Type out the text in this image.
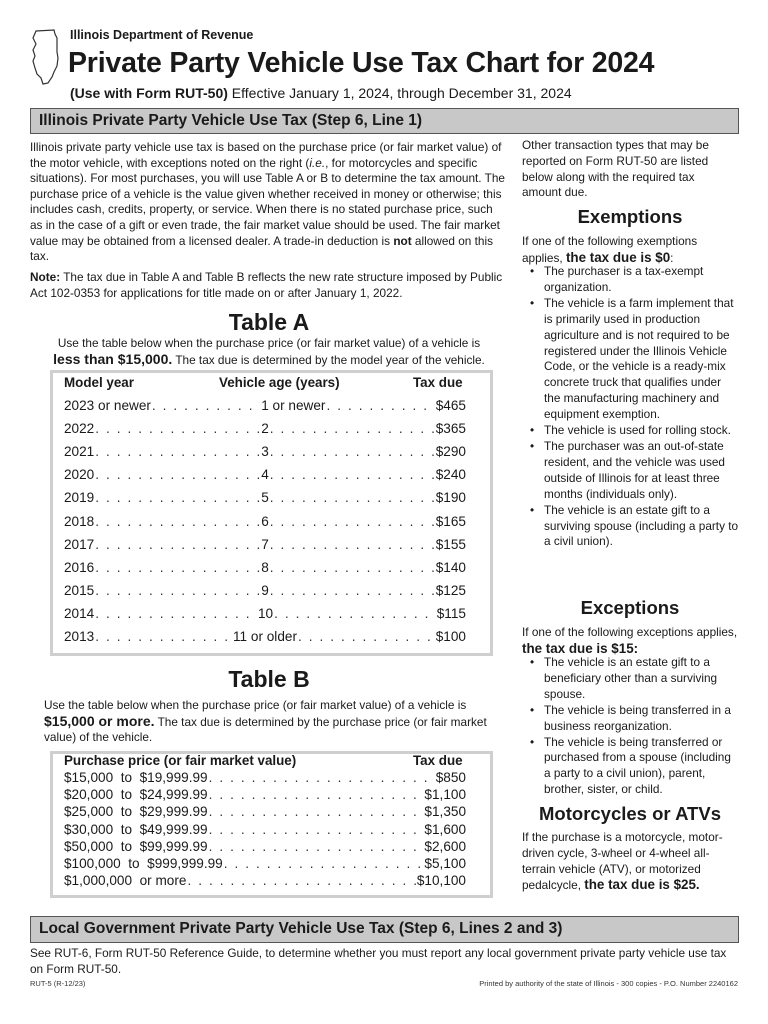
Illinois Department of Revenue
Private Party Vehicle Use Tax Chart for 2024
(Use with Form RUT-50) Effective January 1, 2024, through December 31, 2024
Illinois Private Party Vehicle Use Tax (Step 6, Line 1)
Illinois private party vehicle use tax is based on the purchase price (or fair market value) of the motor vehicle, with exceptions noted on the right (i.e., for motorcycles and specific situations). For most purchases, you will use Table A or B to determine the tax amount. The purchase price of a vehicle is the value given whether received in money or otherwise; this includes cash, credits, property, or service. When there is no stated purchase price, such as in the case of a gift or even trade, the fair market value should be used. The fair market value may be obtained from a licensed dealer. A trade-in deduction is not allowed on this tax.
Note: The tax due in Table A and Table B reflects the new rate structure imposed by Public Act 102-0353 for applications for title made on or after January 1, 2022.
Table A
Use the table below when the purchase price (or fair market value) of a vehicle is
less than $15,000. The tax due is determined by the model year of the vehicle.
Model year	Vehicle age (years)	Tax due
2023 or newer . . .	1 or newer . . .	$465
2022 . . .	2 . . .	$365
2021 . . .	3 . . .	$290
2020 . . .	4 . . .	$240
2019 . . .	5 . . .	$190
2018 . . .	6 . . .	$165
2017 . . .	7 . . .	$155
2016 . . .	8 . . .	$140
2015 . . .	9 . . .	$125
2014 . . .	10 . . .	$115
2013 . . .	11 or older . . .	$100
Table B
Use the table below when the purchase price (or fair market value) of a vehicle is $15,000 or more. The tax due is determined by the purchase price (or fair market value) of the vehicle.
Purchase price (or fair market value)	Tax due
$15,000  to  $19,999.99 . . .	$850
$20,000  to  $24,999.99 . . .	$1,100
$25,000  to  $29,999.99 . . .	$1,350
$30,000  to  $49,999.99 . . .	$1,600
$50,000  to  $99,999.99 . . .	$2,600
$100,000  to  $999,999.99 . . .	$5,100
$1,000,000  or more . . .	$10,100
Other transaction types that may be reported on Form RUT-50 are listed below along with the required tax amount due.
Exemptions
If one of the following exemptions applies, the tax due is $0:
• The purchaser is a tax-exempt organization.
• The vehicle is a farm implement that is primarily used in production agriculture and is not required to be registered under the Illinois Vehicle Code, or the vehicle is a ready-mix concrete truck that qualifies under the manufacturing machinery and equipment exemption.
• The vehicle is used for rolling stock.
• The purchaser was an out-of-state resident, and the vehicle was used outside of Illinois for at least three months (individuals only).
• The vehicle is an estate gift to a surviving spouse (including a party to a civil union).
Exceptions
If one of the following exceptions applies, the tax due is $15:
• The vehicle is an estate gift to a beneficiary other than a surviving spouse.
• The vehicle is being transferred in a business reorganization.
• The vehicle is being transferred or purchased from a spouse (including a party to a civil union), parent, brother, sister, or child.
Motorcycles or ATVs
If the purchase is a motorcycle, motor-driven cycle, 3-wheel or 4-wheel all-terrain vehicle (ATV), or motorized pedalcycle, the tax due is $25.
Local Government Private Party Vehicle Use Tax (Step 6, Lines 2 and 3)
See RUT-6, Form RUT-50 Reference Guide, to determine whether you must report any local government private party vehicle use tax on Form RUT-50.
RUT-5 (R-12/23)	Printed by authority of the state of Illinois - 300 copies - P.O. Number 2240162
